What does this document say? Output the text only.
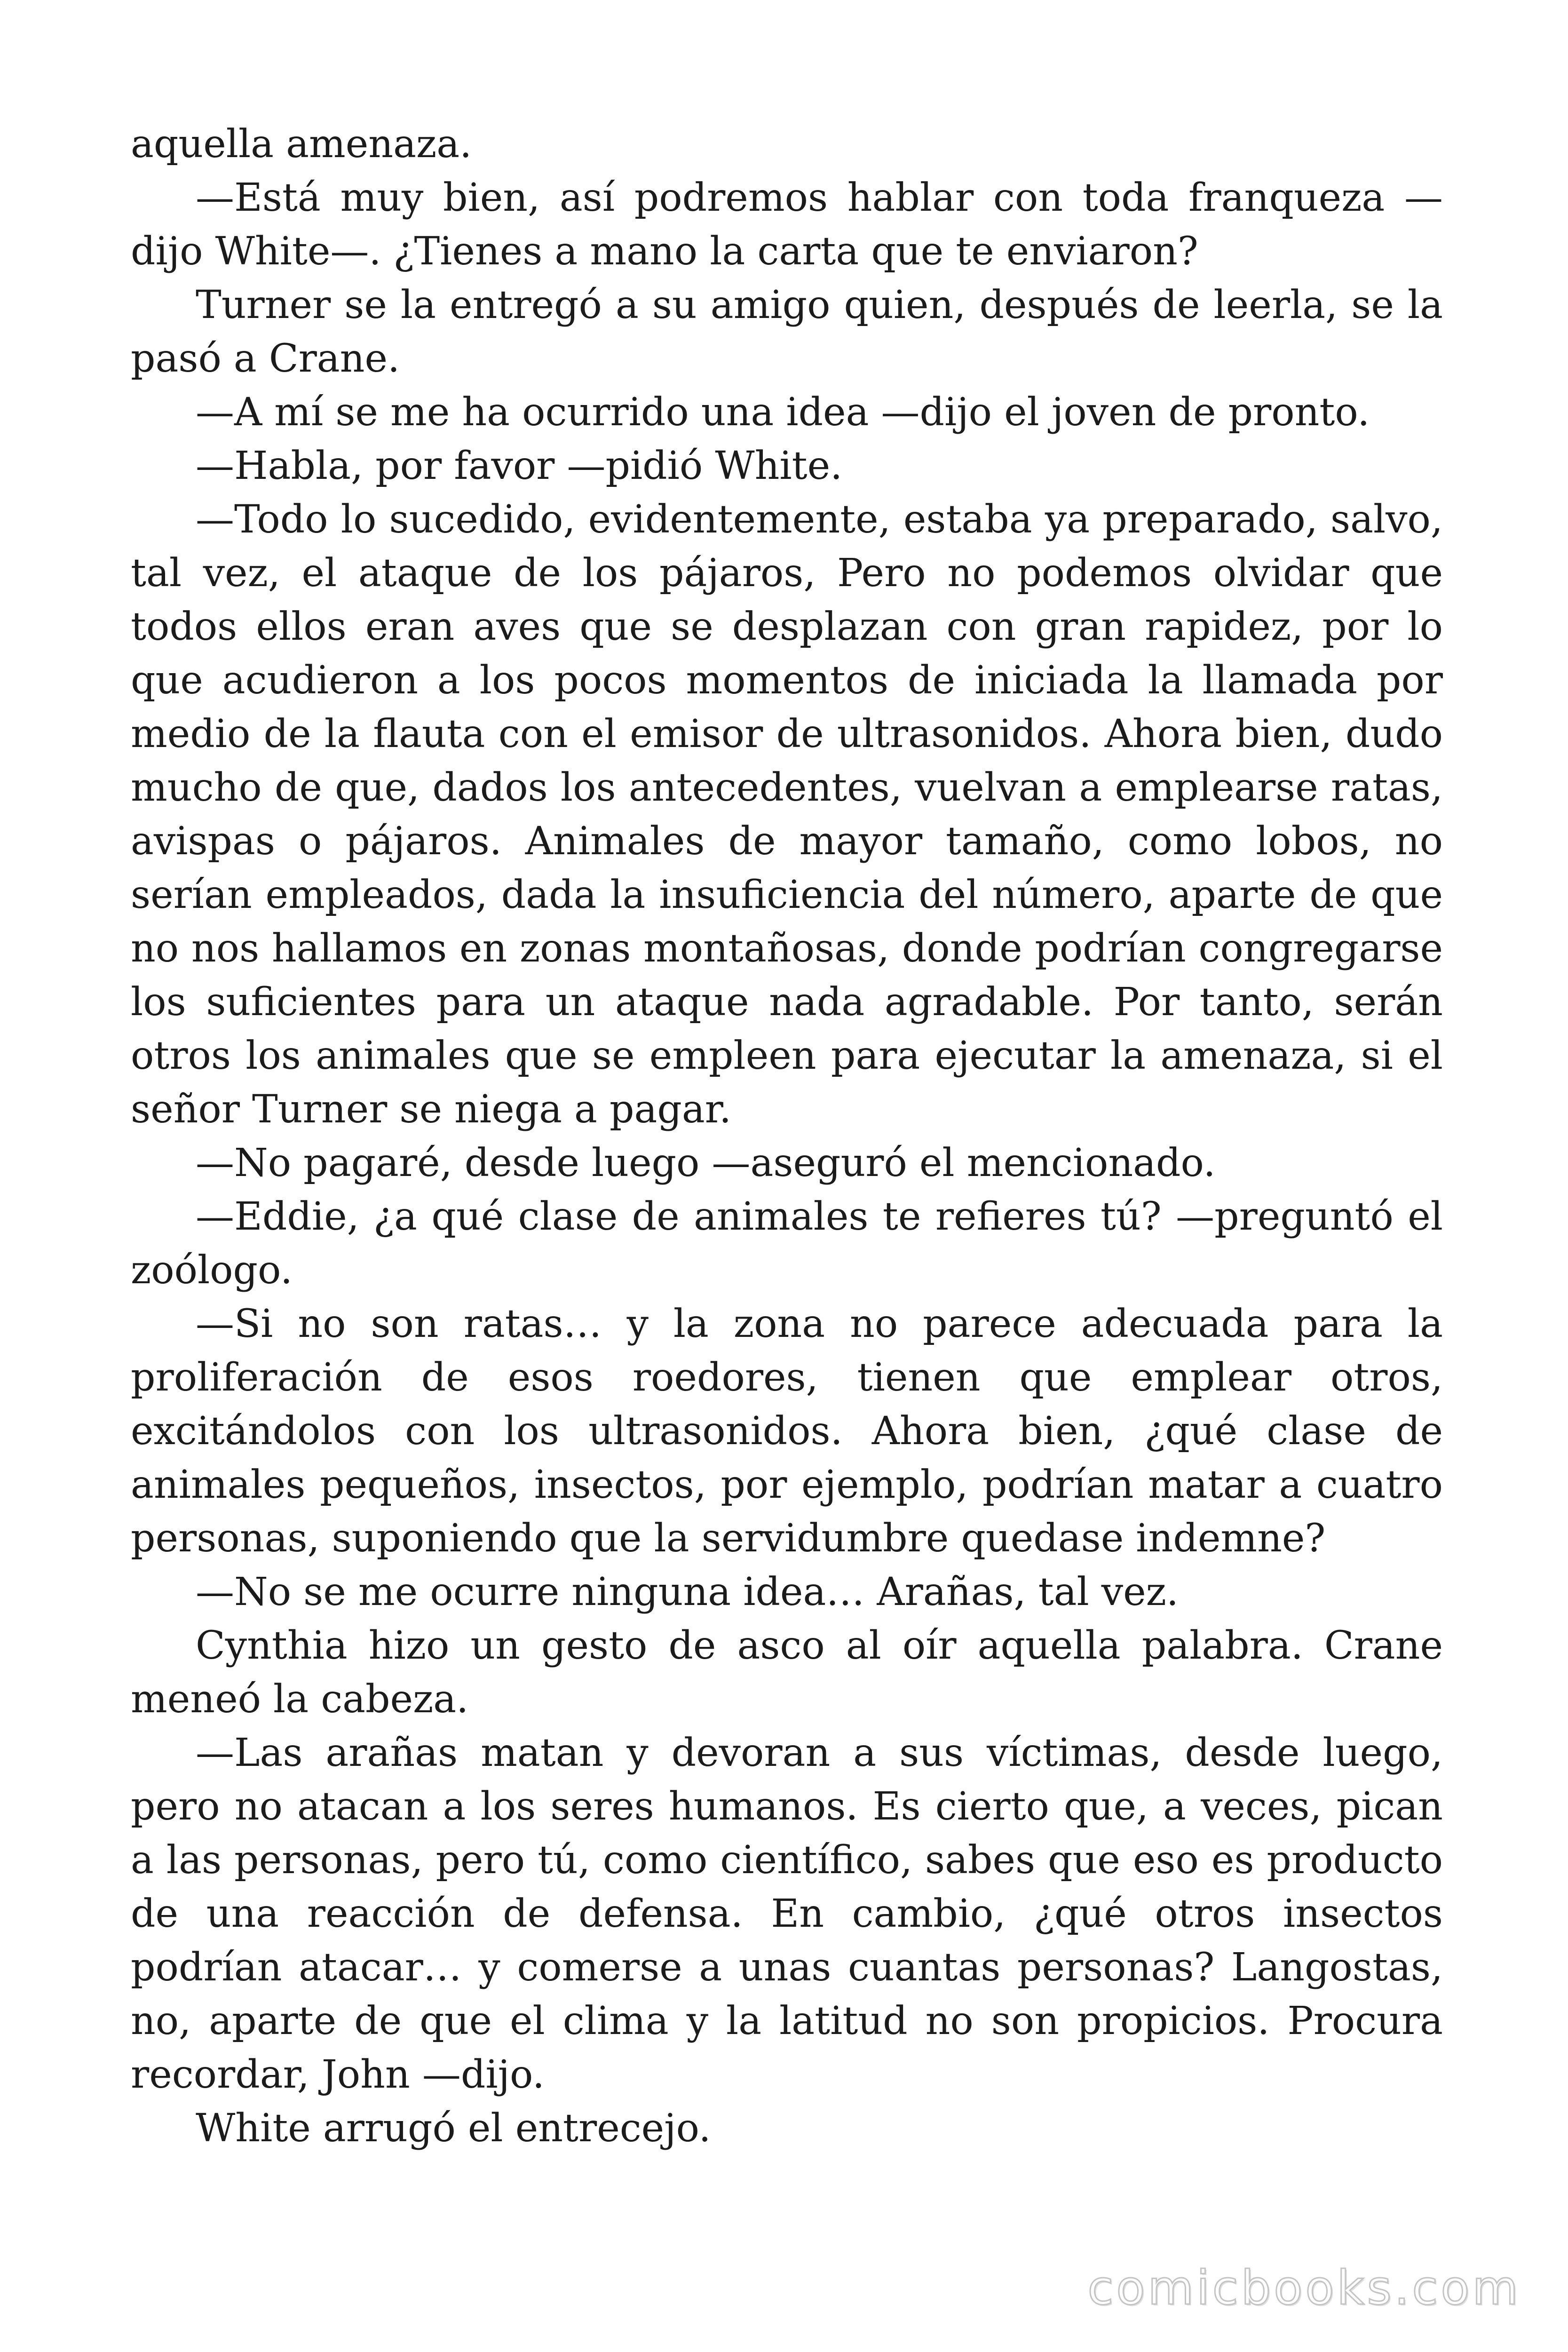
aquella amenaza.

—Está muy bien, así podremos hablar con toda franqueza —dijo White—. ¿Tienes a mano la carta que te enviaron?

Turner se la entregó a su amigo quien, después de leerla, se la pasó a Crane.

—A mí se me ha ocurrido una idea —dijo el joven de pronto.

—Habla, por favor —pidió White.

—Todo lo sucedido, evidentemente, estaba ya preparado, salvo, tal vez, el ataque de los pájaros, Pero no podemos olvidar que todos ellos eran aves que se desplazan con gran rapidez, por lo que acudieron a los pocos momentos de iniciada la llamada por medio de la flauta con el emisor de ultrasonidos. Ahora bien, dudo mucho de que, dados los antecedentes, vuelvan a emplearse ratas, avispas o pájaros. Animales de mayor tamaño, como lobos, no serían empleados, dada la insuficiencia del número, aparte de que no nos hallamos en zonas montañosas, donde podrían congregarse los suficientes para un ataque nada agradable. Por tanto, serán otros los animales que se empleen para ejecutar la amenaza, si el señor Turner se niega a pagar.

—No pagaré, desde luego —aseguró el mencionado.

—Eddie, ¿a qué clase de animales te refieres tú? —preguntó el zoólogo.

—Si no son ratas… y la zona no parece adecuada para la proliferación de esos roedores, tienen que emplear otros, excitándolos con los ultrasonidos. Ahora bien, ¿qué clase de animales pequeños, insectos, por ejemplo, podrían matar a cuatro personas, suponiendo que la servidumbre quedase indemne?

—No se me ocurre ninguna idea… Arañas, tal vez.

Cynthia hizo un gesto de asco al oír aquella palabra. Crane meneó la cabeza.

—Las arañas matan y devoran a sus víctimas, desde luego, pero no atacan a los seres humanos. Es cierto que, a veces, pican a las personas, pero tú, como científico, sabes que eso es producto de una reacción de defensa. En cambio, ¿qué otros insectos podrían atacar… y comerse a unas cuantas personas? Langostas, no, aparte de que el clima y la latitud no son propicios. Procura recordar, John —dijo.

White arrugó el entrecejo.

comicbooks.com
